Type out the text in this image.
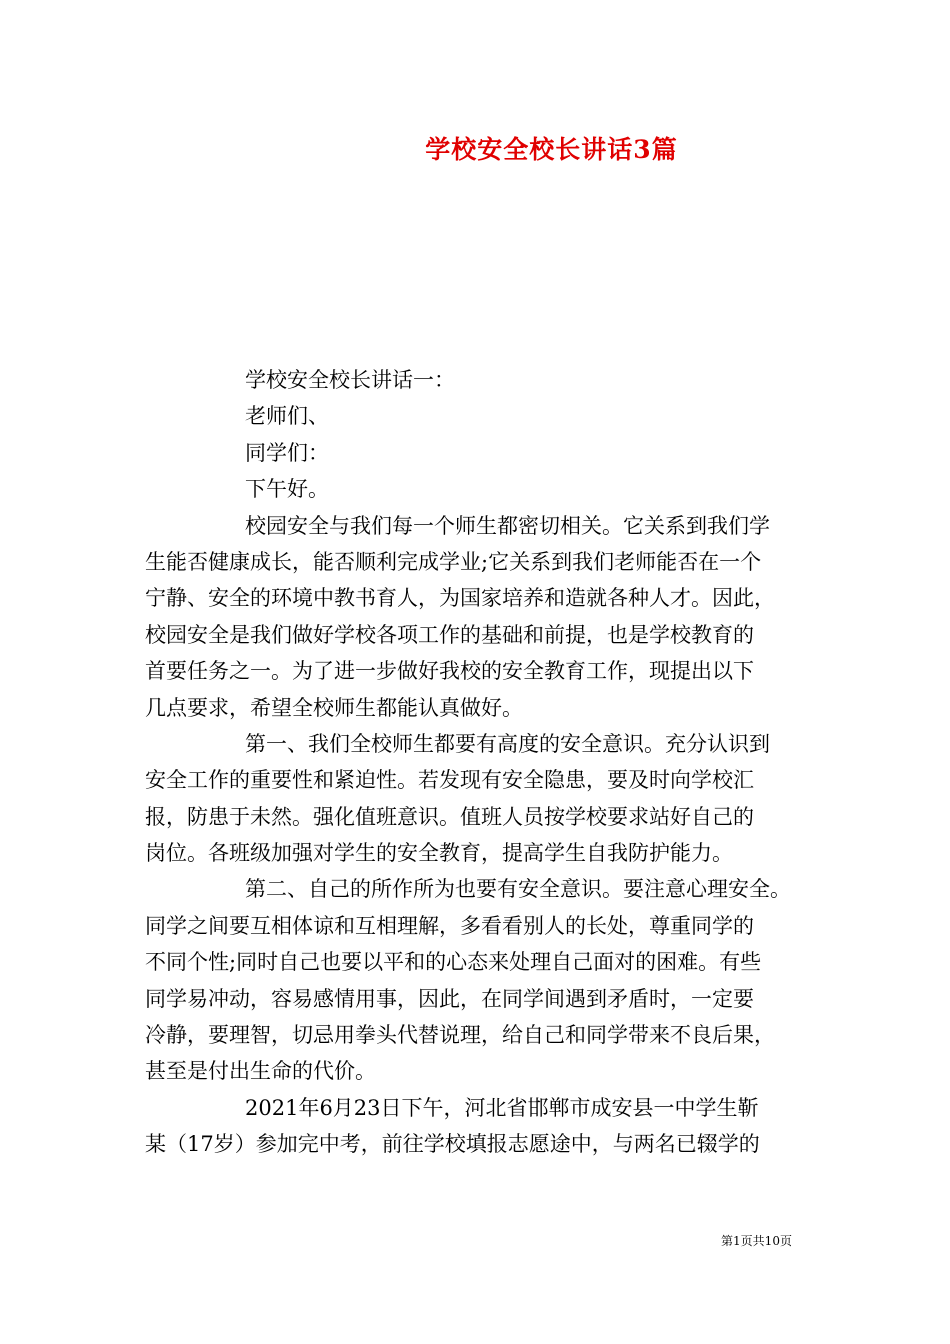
学校安全校长讲话3篇
学校安全校长讲话一：
老师们、
同学们：
下午好。
校园安全与我们每一个师生都密切相关。它关系到我们学
生能否健康成长，能否顺利完成学业;它关系到我们老师能否在一个
宁静、安全的环境中教书育人，为国家培养和造就各种人才。因此，
校园安全是我们做好学校各项工作的基础和前提，也是学校教育的
首要任务之一。为了进一步做好我校的安全教育工作，现提出以下
几点要求，希望全校师生都能认真做好。
第一、我们全校师生都要有高度的安全意识。充分认识到
安全工作的重要性和紧迫性。若发现有安全隐患，要及时向学校汇
报，防患于未然。强化值班意识。值班人员按学校要求站好自己的
岗位。各班级加强对学生的安全教育，提高学生自我防护能力。
第二、自己的所作所为也要有安全意识。要注意心理安全。
同学之间要互相体谅和互相理解，多看看别人的长处，尊重同学的
不同个性;同时自己也要以平和的心态来处理自己面对的困难。有些
同学易冲动，容易感情用事，因此，在同学间遇到矛盾时，一定要
冷静，要理智，切忌用拳头代替说理，给自己和同学带来不良后果，
甚至是付出生命的代价。
2021年6月23日下午，河北省邯郸市成安县一中学生靳
某（17岁）参加完中考，前往学校填报志愿途中，与两名已辍学的
第1页共10页
